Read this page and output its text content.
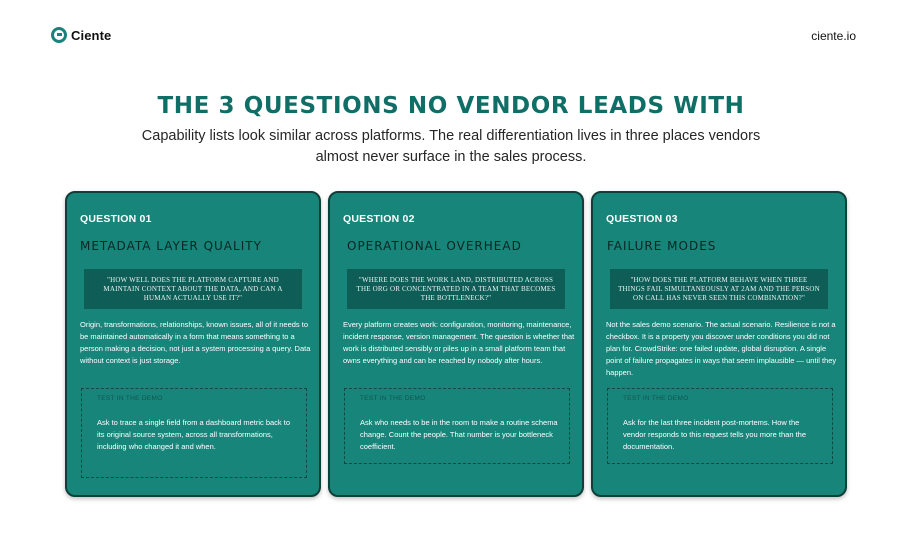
Ciente	ciente.io
THE 3 QUESTIONS NO VENDOR LEADS WITH
Capability lists look similar across platforms. The real differentiation lives in three places vendors almost never surface in the sales process.
QUESTION 01
METADATA LAYER QUALITY
"HOW WELL DOES THE PLATFORM CAPTURE AND MAINTAIN CONTEXT ABOUT THE DATA, AND CAN A HUMAN ACTUALLY USE IT?"
Origin, transformations, relationships, known issues, all of it needs to be maintained automatically in a form that means something to a person making a decision, not just a system processing a query. Data without context is just storage.
TEST IN THE DEMO
Ask to trace a single field from a dashboard metric back to its original source system, across all transformations, including who changed it and when.
QUESTION 02
OPERATIONAL OVERHEAD
"WHERE DOES THE WORK LAND, DISTRIBUTED ACROSS THE ORG OR CONCENTRATED IN A TEAM THAT BECOMES THE BOTTLENECK?"
Every platform creates work: configuration, monitoring, maintenance, incident response, version management. The question is whether that work is distributed sensibly or piles up in a small platform team that owns everything and can be reached by nobody after hours.
TEST IN THE DEMO
Ask who needs to be in the room to make a routine schema change. Count the people. That number is your bottleneck coefficient.
QUESTION 03
FAILURE MODES
"HOW DOES THE PLATFORM BEHAVE WHEN THREE THINGS FAIL SIMULTANEOUSLY AT 2AM AND THE PERSON ON CALL HAS NEVER SEEN THIS COMBINATION?"
Not the sales demo scenario. The actual scenario. Resilience is not a checkbox. It is a property you discover under conditions you did not plan for. CrowdStrike: one failed update, global disruption. A single point of failure propagates in ways that seem implausible — until they happen.
TEST IN THE DEMO
Ask for the last three incident post-mortems. How the vendor responds to this request tells you more than the documentation.
